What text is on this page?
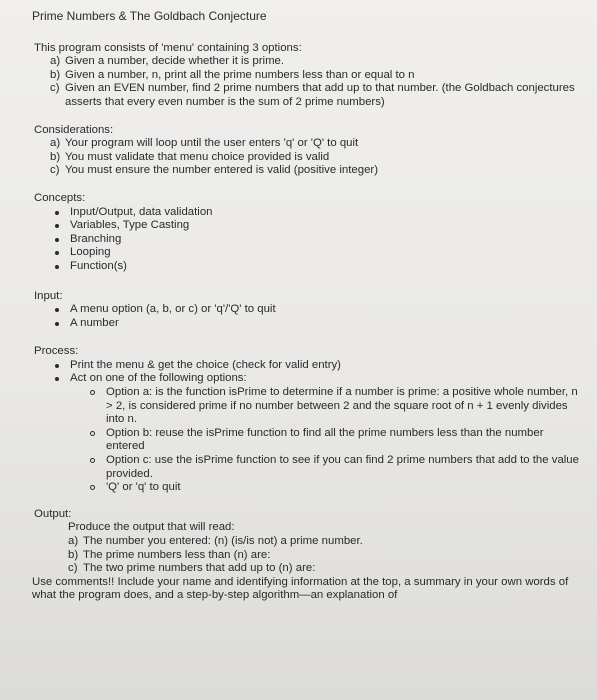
Prime Numbers & The Goldbach Conjecture
This program consists of 'menu' containing 3 options:
a) Given a number, decide whether it is prime.
b) Given a number, n, print all the prime numbers less than or equal to n
c) Given an EVEN number, find 2 prime numbers that add up to that number. (the Goldbach conjectures asserts that every even number is the sum of 2 prime numbers)
Considerations:
a) Your program will loop until the user enters 'q' or 'Q' to quit
b) You must validate that menu choice provided is valid
c) You must ensure the number entered is valid (positive integer)
Concepts:
Input/Output, data validation
Variables, Type Casting
Branching
Looping
Function(s)
Input:
A menu option (a, b, or c) or 'q'/'Q' to quit
A number
Process:
Print the menu & get the choice (check for valid entry)
Act on one of the following options:
Option a: is the function isPrime to determine if a number is prime: a positive whole number, n > 2, is considered prime if no number between 2 and the square root of n + 1 evenly divides into n.
Option b: reuse the isPrime function to find all the prime numbers less than the number entered
Option c: use the isPrime function to see if you can find 2 prime numbers that add to the value provided.
'Q' or 'q' to quit
Output:
Produce the output that will read:
a) The number you entered: (n) (is/is not) a prime number.
b) The prime numbers less than (n) are:
c) The two prime numbers that add up to (n) are:
Use comments!! Include your name and identifying information at the top, a summary in your own words of what the program does, and a step-by-step algorithm—an explanation of
